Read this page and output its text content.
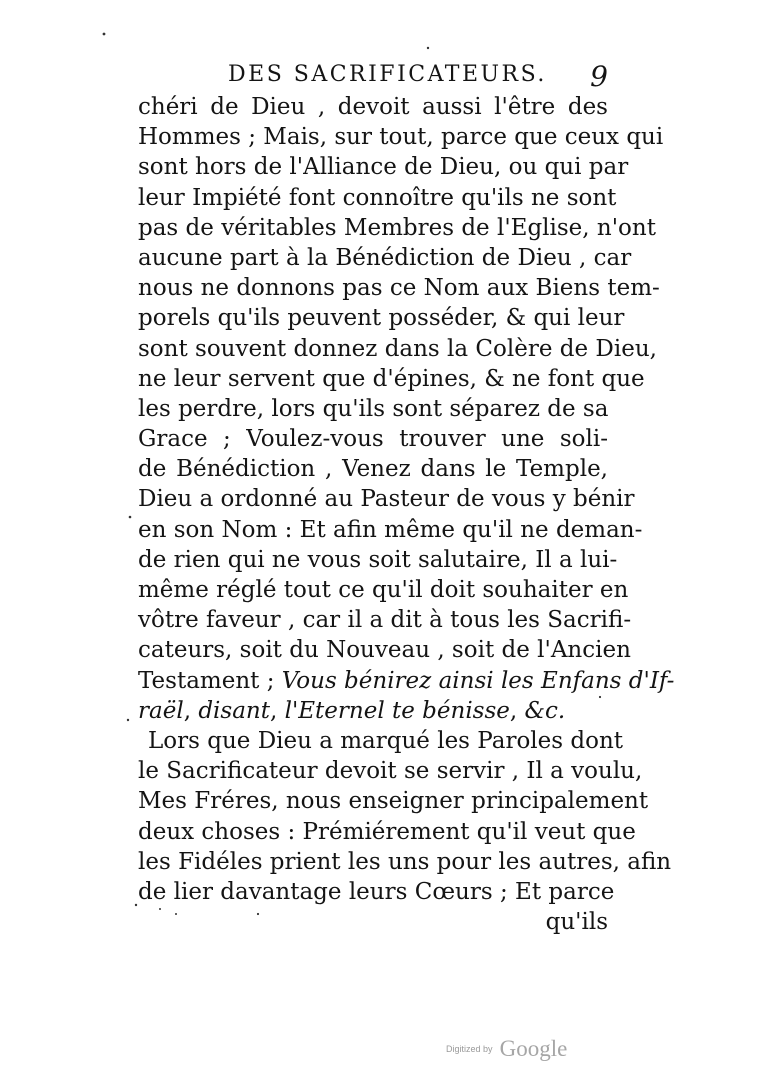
DES SACRIFICATEURS. 9
chéri de Dieu , devoit aussi l'être des
Hommes ; Mais, sur tout, parce que ceux qui
sont hors de l'Alliance de Dieu, ou qui par
leur Impiété font connoître qu'ils ne sont
pas de véritables Membres de l'Eglise, n'ont
aucune part à la Bénédiction de Dieu , car
nous ne donnons pas ce Nom aux Biens tem-
porels qu'ils peuvent posséder, & qui leur
sont souvent donnez dans la Colère de Dieu,
ne leur servent que d'épines, & ne font que
les perdre, lors qu'ils sont séparez de sa
Grace ; Voulez-vous trouver une soli-
de Bénédiction , Venez dans le Temple,
Dieu a ordonné au Pasteur de vous y bénir
en son Nom : Et afin même qu'il ne deman-
de rien qui ne vous soit salutaire, Il a lui-
même réglé tout ce qu'il doit souhaiter en
vôtre faveur , car il a dit à tous les Sacrifi-
cateurs, soit du Nouveau , soit de l'Ancien
Testament ; Vous bénirez ainsi les Enfans d'If-
raël, disant, l'Eternel te bénisse, &c.
Lors que Dieu a marqué les Paroles dont
le Sacrificateur devoit se servir , Il a voulu,
Mes Fréres, nous enseigner principalement
deux choses : Prémiérement qu'il veut que
les Fidéles prient les uns pour les autres, afin
de lier davantage leurs Cœurs ; Et parce
qu'ils
Digitized by Google
